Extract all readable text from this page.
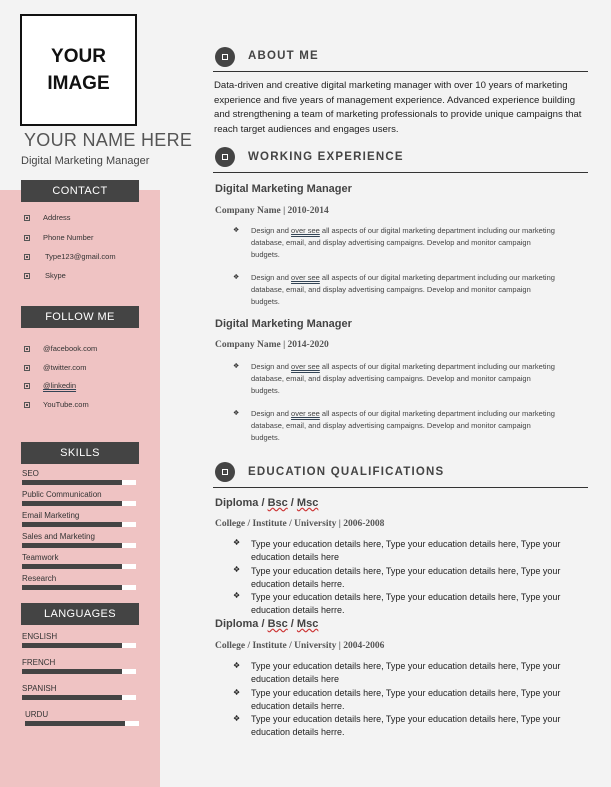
YOUR
IMAGE
YOUR NAME HERE
Digital Marketing Manager
CONTACT
Address
Phone Number
Type123@gmail.com
Skype
FOLLOW ME
@facebook.com
@twitter.com
@linkedin
YouTube.com
SKILLS
SEO
Public Communication
Email Marketing
Sales and Marketing
Teamwork
Research
LANGUAGES
ENGLISH
FRENCH
SPANISH
URDU
ABOUT ME
Data-driven and creative digital marketing manager with over 10 years of marketing experience and five years of management experience. Advanced experience building and strengthening a team of marketing professionals to provide unique campaigns that reach target audiences and engages users.
WORKING EXPERIENCE
Digital Marketing Manager
Company Name | 2010-2014
❖ Design and over see all aspects of our digital marketing department including our marketing database, email, and display advertising campaigns. Develop and monitor campaign budgets.
❖ Design and over see all aspects of our digital marketing department including our marketing database, email, and display advertising campaigns. Develop and monitor campaign budgets.
Digital Marketing Manager
Company Name | 2014-2020
❖ Design and over see all aspects of our digital marketing department including our marketing database, email, and display advertising campaigns. Develop and monitor campaign budgets.
❖ Design and over see all aspects of our digital marketing department including our marketing database, email, and display advertising campaigns. Develop and monitor campaign budgets.
EDUCATION QUALIFICATIONS
Diploma / Bsc / Msc
College / Institute / University | 2006-2008
❖ Type your education details here, Type your education details here, Type your education details here
❖ Type your education details here, Type your education details here, Type your education details herre.
❖ Type your education details here, Type your education details here, Type your education details herre.
Diploma / Bsc / Msc
College / Institute / University | 2004-2006
❖ Type your education details here, Type your education details here, Type your education details here
❖ Type your education details here, Type your education details here, Type your education details herre.
❖ Type your education details here, Type your education details here, Type your education details herre.
